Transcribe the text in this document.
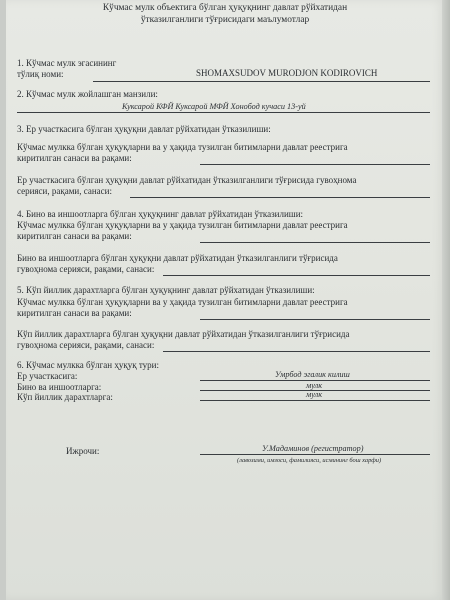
Кўчмас мулк объектига бўлган ҳуқуқнинг давлат рўйхатидан
ўтказилганлиги тўғрисидаги маълумотлар
1. Кўчмас мулк эгасининг
тўлиқ номи:	SHOMAXSUDOV MURODJON KODIROVICH
2. Кўчмас мулк жойлашган манзили:
Куксарой КФЙ Куксарой МФЙ Хонобод кучаси 13-уй
3. Ер участкасига бўлган ҳуқуқни давлат рўйхатидан ўтказилиши:
Кўчмас мулкка бўлган ҳуқуқларни ва у ҳақида тузилган битимларни давлат реестрига
киритилган санаси ва рақами:
Ер участкасига бўлган ҳуқуқни давлат рўйхатидан ўтказилганлиги тўғрисида гувоҳнома
серияси, рақами, санаси:
4. Бино ва иншоотларга бўлган ҳуқуқнинг давлат рўйхатидан ўтказилиши:
Кўчмас мулкка бўлган ҳуқуқларни ва у ҳақида тузилган битимларни давлат реестрига
киритилган санаси ва рақами:
Бино ва иншоотларга бўлган ҳуқуқни давлат рўйхатидан ўтказилганлиги тўғрисида
гувоҳнома серияси, рақами, санаси:
5. Кўп йиллик дарахтларга бўлган ҳуқуқнинг давлат рўйхатидан ўтказилиши:
Кўчмас мулкка бўлган ҳуқуқларни ва у ҳақида тузилган битимларни давлат реестрига
киритилган санаси ва рақами:
Кўп йиллик дарахтларга бўлган ҳуқуқни давлат рўйхатидан ўтказилганлиги тўғрисида
гувоҳнома серияси, рақами, санаси:
6. Кўчмас мулкка бўлган ҳуқуқ тури:
Ер участкасига:	Умрбод эгалик килиш
Бино ва иншоотларга:	мулк
Кўп йиллик дарахтларга:	мулк
Ижрочи:	У.Мадаминов (регистратор)
(лавозими, имзоси, фамилияси, исмининг бош харфи)
